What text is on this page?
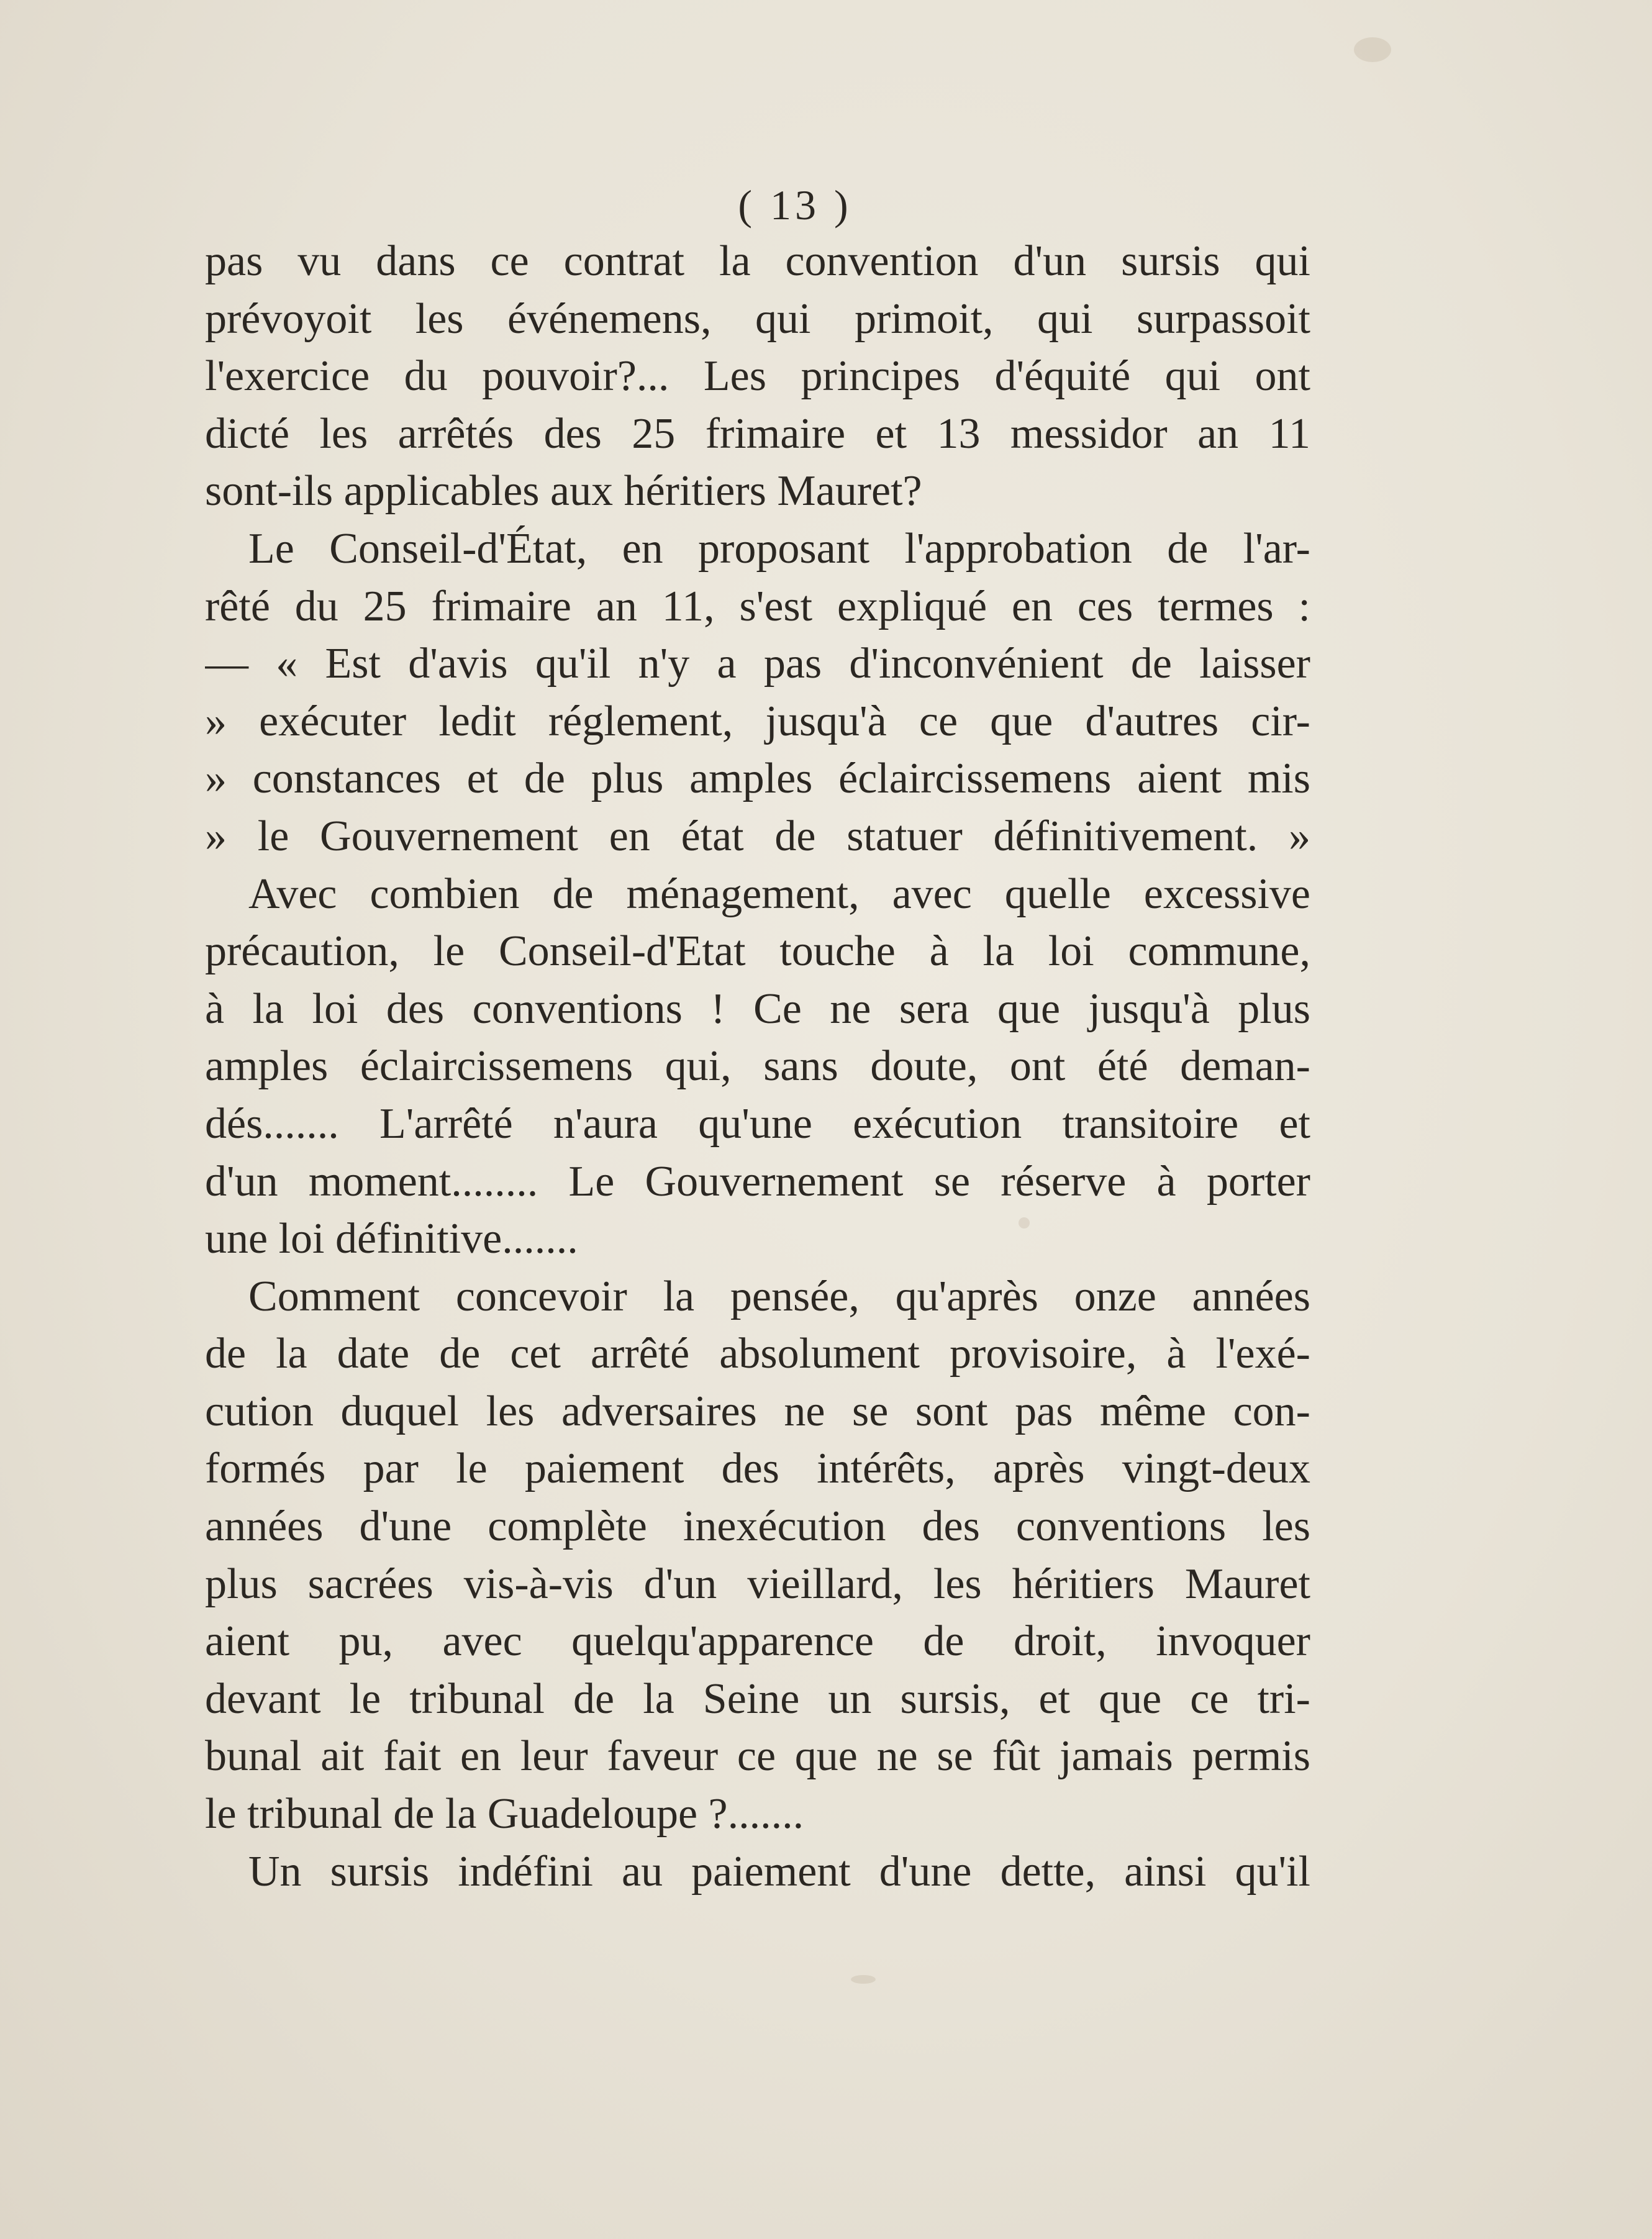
( 13 )
pas vu dans ce contrat la convention d'un sursis qui
prévoyoit les événemens, qui primoit, qui surpassoit
l'exercice du pouvoir?... Les principes d'équité qui ont
dicté les arrêtés des 25 frimaire et 13 messidor an 11
sont-ils applicables aux héritiers Mauret?
Le Conseil-d'État, en proposant l'approbation de l'ar-
rêté du 25 frimaire an 11, s'est expliqué en ces termes :
— « Est d'avis qu'il n'y a pas d'inconvénient de laisser
» exécuter ledit réglement, jusqu'à ce que d'autres cir-
» constances et de plus amples éclaircissemens aient mis
» le Gouvernement en état de statuer définitivement. »
Avec combien de ménagement, avec quelle excessive
précaution, le Conseil-d'Etat touche à la loi commune,
à la loi des conventions ! Ce ne sera que jusqu'à plus
amples éclaircissemens qui, sans doute, ont été deman-
dés....... L'arrêté n'aura qu'une exécution transitoire et
d'un moment........ Le Gouvernement se réserve à porter
une loi définitive.......
Comment concevoir la pensée, qu'après onze années
de la date de cet arrêté absolument provisoire, à l'exé-
cution duquel les adversaires ne se sont pas même con-
formés par le paiement des intérêts, après vingt-deux
années d'une complète inexécution des conventions les
plus sacrées vis-à-vis d'un vieillard, les héritiers Mauret
aient pu, avec quelqu'apparence de droit, invoquer
devant le tribunal de la Seine un sursis, et que ce tri-
bunal ait fait en leur faveur ce que ne se fût jamais permis
le tribunal de la Guadeloupe ?.......
Un sursis indéfini au paiement d'une dette, ainsi qu'il
